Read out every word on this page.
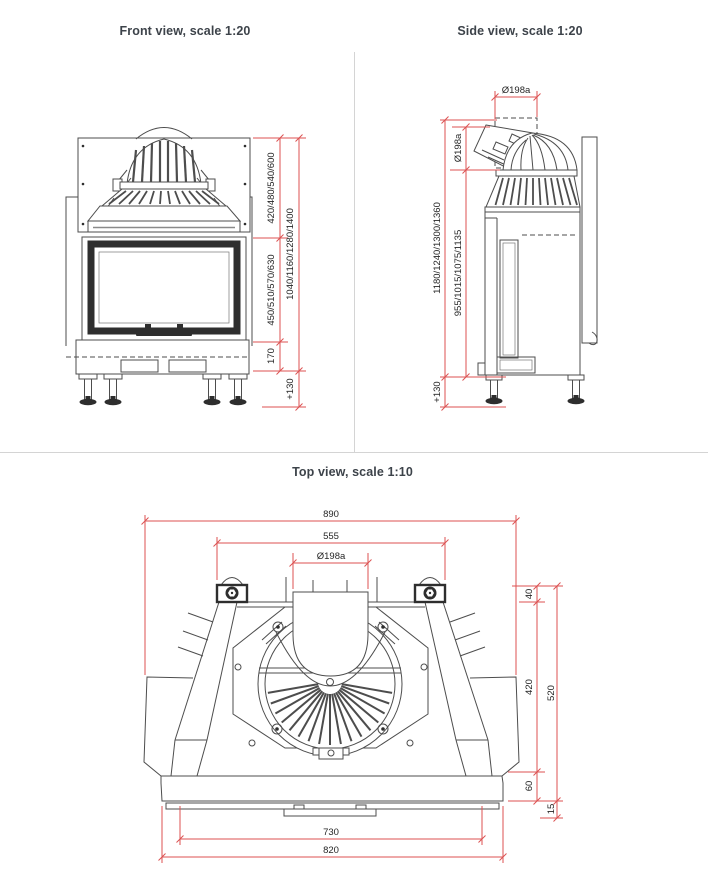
Front view, scale 1:20	Side view, scale 1:20
Top view, scale 1:10
420/480/540/600
450/510/570/630
170
1040/1160/1280/1400
+130
Ø198a
Ø198a
955/1015/1075/1135
1180/1240/1300/1360
+130
890
555
Ø198a
40
420
60
520
15
730
820
